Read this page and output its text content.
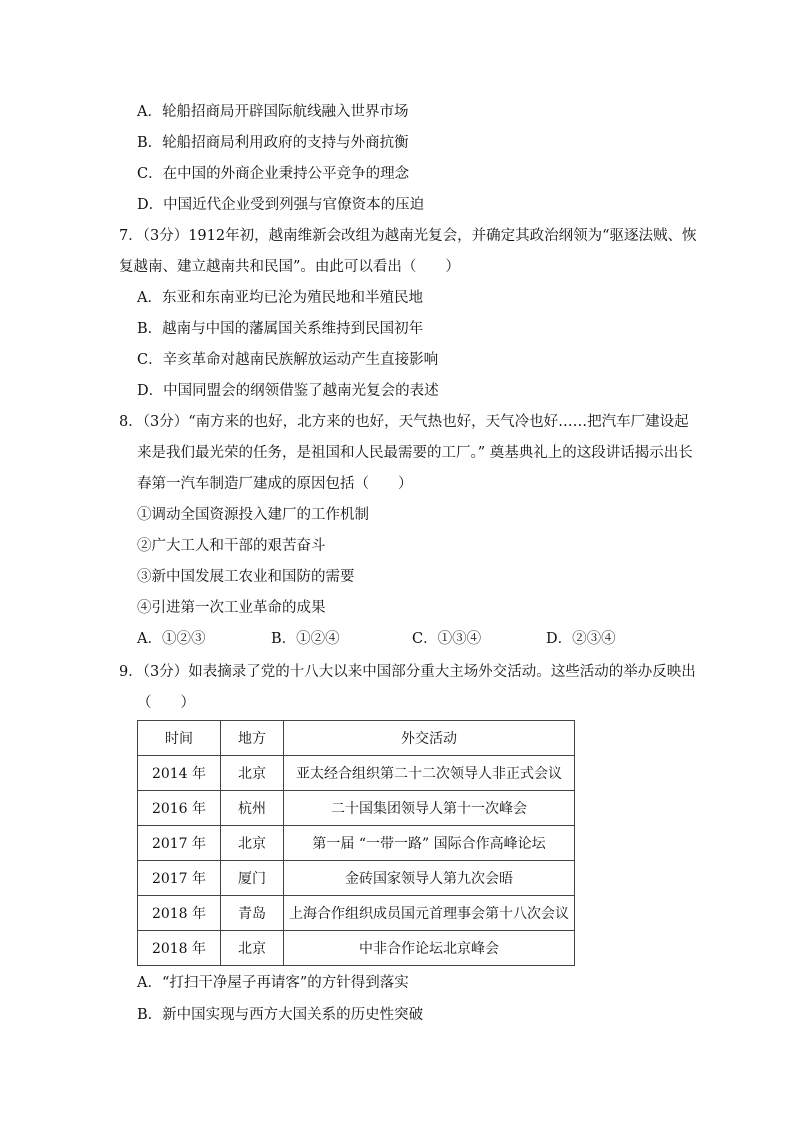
A．轮船招商局开辟国际航线融入世界市场
B．轮船招商局利用政府的支持与外商抗衡
C．在中国的外商企业秉持公平竞争的理念
D．中国近代企业受到列强与官僚资本的压迫
7．（3分）1912年初，越南维新会改组为越南光复会，并确定其政治纲领为“驱逐法贼、恢
复越南、建立越南共和民国”。由此可以看出（　　）
A．东亚和东南亚均已沦为殖民地和半殖民地
B．越南与中国的藩属国关系维持到民国初年
C．辛亥革命对越南民族解放运动产生直接影响
D．中国同盟会的纲领借鉴了越南光复会的表述
8．（3分）“南方来的也好，北方来的也好，天气热也好，天气冷也好……把汽车厂建设起
来是我们最光荣的任务，是祖国和人民最需要的工厂。” 奠基典礼上的这段讲话揭示出长
春第一汽车制造厂建成的原因包括（　　）
①调动全国资源投入建厂的工作机制
②广大工人和干部的艰苦奋斗
③新中国发展工农业和国防的需要
④引进第一次工业革命的成果
A．①②③	B．①②④	C．①③④	D．②③④
9．（3分）如表摘录了党的十八大以来中国部分重大主场外交活动。这些活动的举办反映出
（　　）
时间	地方	外交活动
2014 年	北京	亚太经合组织第二十二次领导人非正式会议
2016 年	杭州	二十国集团领导人第十一次峰会
2017 年	北京	第一届 “一带一路” 国际合作高峰论坛
2017 年	厦门	金砖国家领导人第九次会晤
2018 年	青岛	上海合作组织成员国元首理事会第十八次会议
2018 年	北京	中非合作论坛北京峰会
A．“打扫干净屋子再请客”的方针得到落实
B．新中国实现与西方大国关系的历史性突破
